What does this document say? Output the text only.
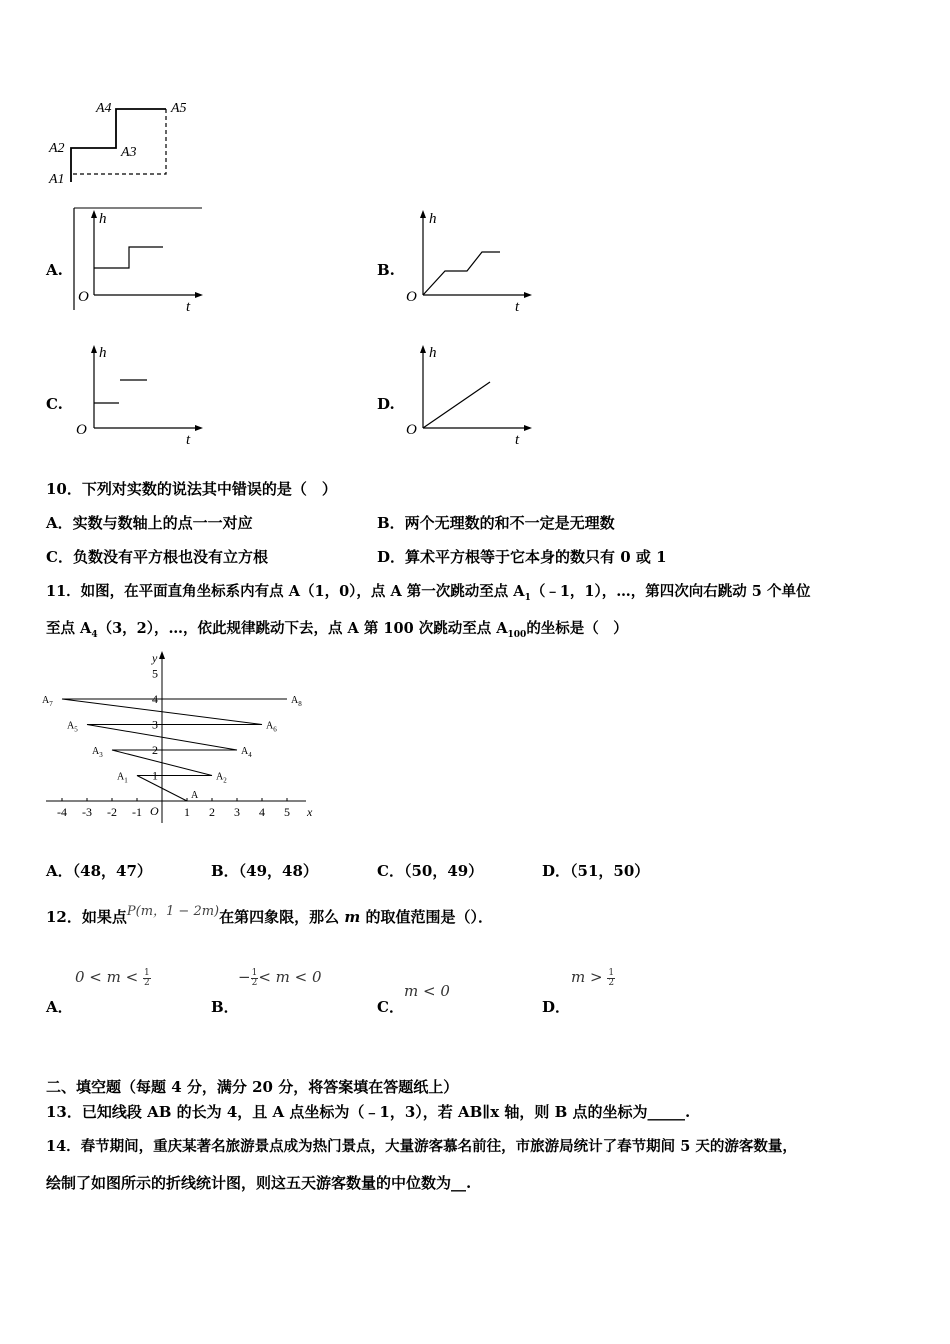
A1
A2	A3
A4	A5
A.
h
O
t
B.
h
O
t
C.
h
O
t
D.
h
O
t
10．下列对实数的说法其中错误的是（　）
A．实数与数轴上的点一一对应	B．两个无理数的和不一定是无理数
C．负数没有平方根也没有立方根	D．算术平方根等于它本身的数只有 0 或 1
11．如图，在平面直角坐标系内有点 A（1，0），点 A 第一次跳动至点 $A_1(﹣1$，1），…，第四次向右跳动 5 个单位
至点 $A_4(3$，2），…，依此规律跳动下去，点 A 第 100 次跳动至点 $A_{100}$的坐标是（　）
y
x
O
-4 -3 -2 -1	1 2 3 4 5
1
2
3
4
5
A
$A_1$	$A_2$
$A_3$	$A_4$
$A_5$	$A_6$
$A_7$	$A_8$
A．（48，47）	B．（49，48）	C．（50，49）	D．（51，50）
12．如果点P(m，1 − 2m)在第四象限，那么 m 的取值范围是（）．
A．
$0 < m < \frac{1}{2}$
B．
− $\frac{1}{2} < m < 0$
C．
m < 0
D．
$m > \frac{1}{2}$
二、填空题（每题 4 分，满分 20 分，将答案填在答题纸上）
13．已知线段 AB 的长为 4，且 A 点坐标为（﹣1，3），若 AB∥x 轴，则 B 点的坐标为_____.
14．春节期间，重庆某著名旅游景点成为热门景点，大量游客慕名前往，市旅游局统计了春节期间 5 天的游客数量，
绘制了如图所示的折线统计图，则这五天游客数量的中位数为__.
